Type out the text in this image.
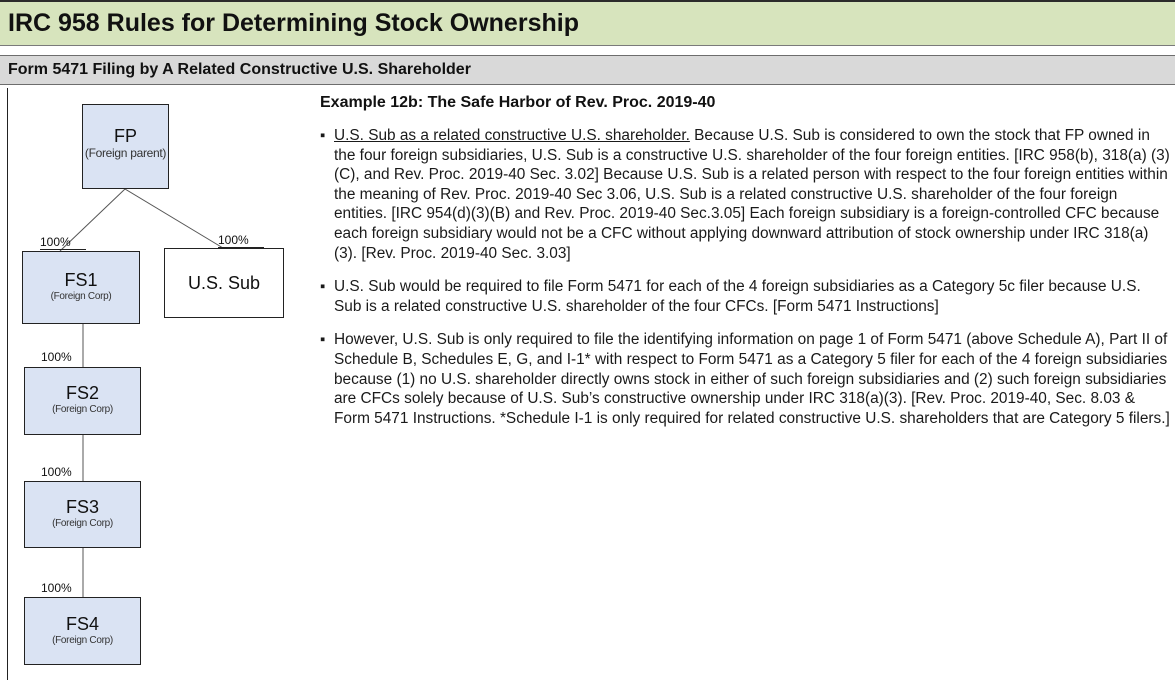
IRC 958 Rules for Determining Stock Ownership
Form 5471 Filing by A Related Constructive U.S. Shareholder
FP
(Foreign parent)
100%
FS1
(Foreign Corp)
100%
U.S. Sub
100%
FS2
(Foreign Corp)
100%
FS3
(Foreign Corp)
100%
FS4
(Foreign Corp)
Example 12b: The Safe Harbor of Rev. Proc. 2019-40
▪ U.S. Sub as a related constructive U.S. shareholder. Because U.S. Sub is considered to own the stock that FP owned in the four foreign subsidiaries, U.S. Sub is a constructive U.S. shareholder of the four foreign entities. [IRC 958(b), 318(a) (3)(C), and Rev. Proc. 2019-40 Sec. 3.02] Because U.S. Sub is a related person with respect to the four foreign entities within the meaning of Rev. Proc. 2019-40 Sec 3.06, U.S. Sub is a related constructive U.S. shareholder of the four foreign entities. [IRC 954(d)(3)(B) and Rev. Proc. 2019-40 Sec.3.05] Each foreign subsidiary is a foreign-controlled CFC because each foreign subsidiary would not be a CFC without applying downward attribution of stock ownership under IRC 318(a)(3). [Rev. Proc. 2019-40 Sec. 3.03]
▪ U.S. Sub would be required to file Form 5471 for each of the 4 foreign subsidiaries as a Category 5c filer because U.S. Sub is a related constructive U.S. shareholder of the four CFCs. [Form 5471 Instructions]
▪ However, U.S. Sub is only required to file the identifying information on page 1 of Form 5471 (above Schedule A), Part II of Schedule B, Schedules E, G, and I-1* with respect to Form 5471 as a Category 5 filer for each of the 4 foreign subsidiaries because (1) no U.S. shareholder directly owns stock in either of such foreign subsidiaries and (2) such foreign subsidiaries are CFCs solely because of U.S. Sub’s constructive ownership under IRC 318(a)(3). [Rev. Proc. 2019-40, Sec. 8.03 & Form 5471 Instructions. *Schedule I-1 is only required for related constructive U.S. shareholders that are Category 5 filers.]
